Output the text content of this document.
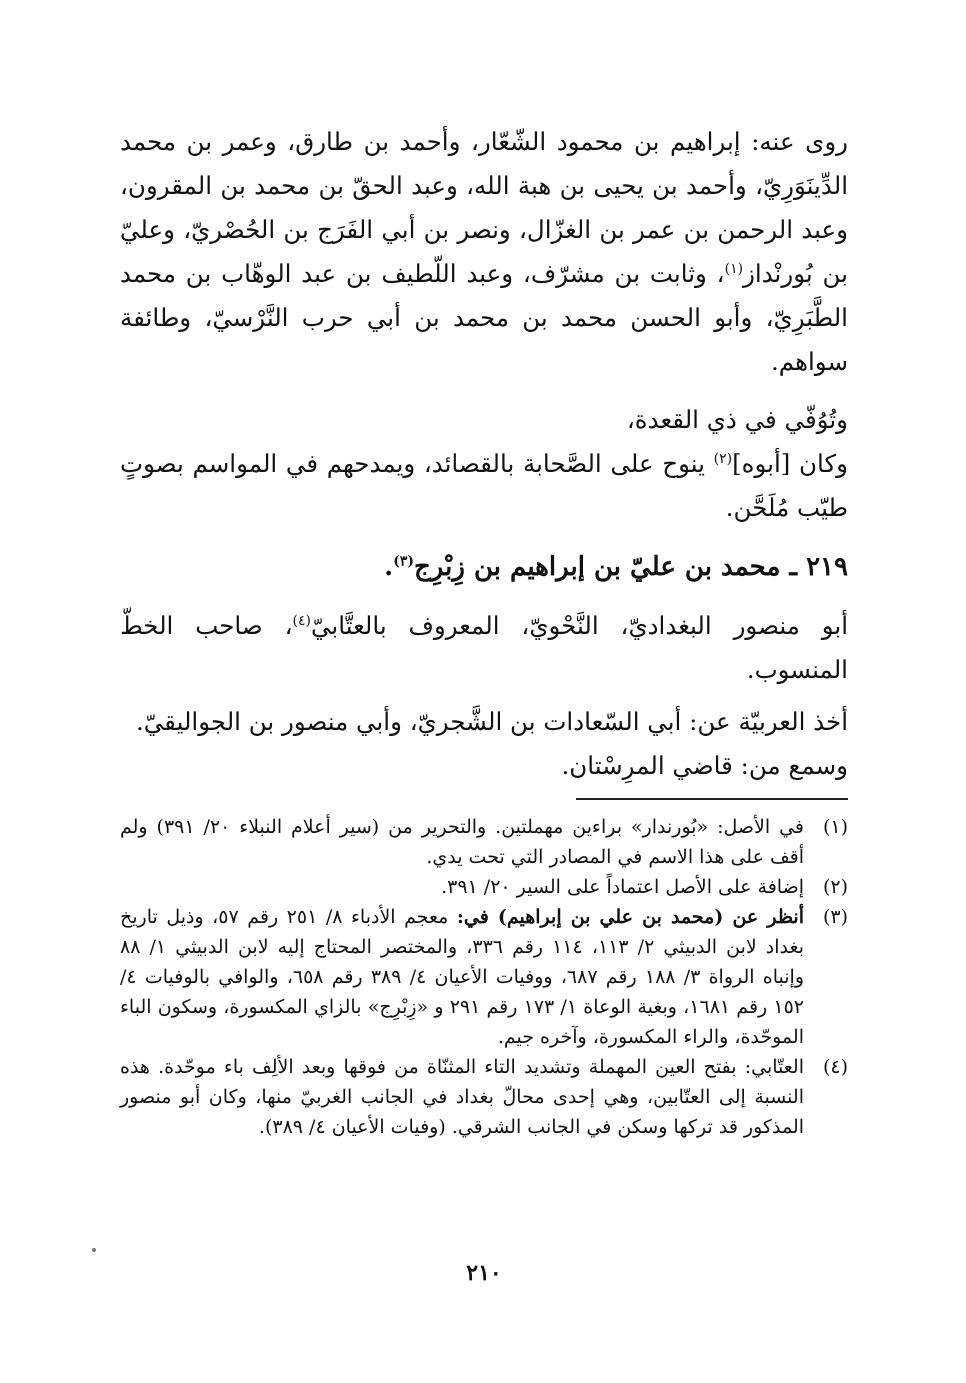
روى عنه: إبراهيم بن محمود الشّعّار، وأحمد بن طارق، وعمر بن محمد الدِّينَوَرِيّ، وأحمد بن يحيى بن هبة الله، وعبد الحقّ بن محمد بن المقرون، وعبد الرحمن بن عمر بن الغزّال، ونصر بن أبي الفَرَج بن الحُصْريّ، وعليّ بن بُورنْداز$^{(١)}$، وثابت بن مشرّف، وعبد اللّطيف بن عبد الوهّاب بن محمد الطَّبَرِيّ، وأبو الحسن محمد بن محمد بن أبي حرب النَّرْسيّ، وطائفة سواهم.

وتُوُفّي في ذي القعدة،

وكان [أبوه]$^{(٢)}$ ينوح على الصَّحابة بالقصائد، ويمدحهم في المواسم بصوتٍ طيّب مُلَحَّن.

٢١٩ ـ محمد بن عليّ بن إبراهيم بن زِبْرِج$^{(٣)}$.

أبو منصور البغداديّ، النَّحْويّ، المعروف بالعتَّابيّ$^{(٤)}$، صاحب الخطّ المنسوب.

أخذ العربيّة عن: أبي السّعادات بن الشَّجريّ، وأبي منصور بن الجواليقيّ.

وسمع من: قاضي المرِسْتان.

(١)
في الأصل: «بُورندار» براءين مهملتين. والتحرير من (سير أعلام النبلاء ٢٠/ ٣٩١) ولم أقف على هذا الاسم في المصادر التي تحت يدي.
(٢)
إضافة على الأصل اعتماداً على السير ٢٠/ ٣٩١.
(٣)
أنظر عن (محمد بن علي بن إبراهيم) في: معجم الأدباء ٨/ ٢٥١ رقم ٥٧، وذيل تاريخ بغداد لابن الدبيثي ٢/ ١١٣، ١١٤ رقم ٣٣٦، والمختصر المحتاج إليه لابن الدبيثي ١/ ٨٨ وإنباه الرواة ٣/ ١٨٨ رقم ٦٨٧، ووفيات الأعيان ٤/ ٣٨٩ رقم ٦٥٨، والوافي بالوفيات ٤/ ١٥٢ رقم ١٦٨١، وبغية الوعاة ١/ ١٧٣ رقم ٢٩١ و «زِبْرِج» بالزاي المكسورة، وسكون الباء الموحّدة، والراء المكسورة، وآخره جيم.
(٤)
العتّابي: بفتح العين المهملة وتشديد التاء المثنّاة من فوقها وبعد الألِف باء موحّدة. هذه النسبة إلى العتّابين، وهي إحدى محالّ بغداد في الجانب الغربيّ منها، وكان أبو منصور المذكور قد تركها وسكن في الجانب الشرقي. (وفيات الأعيان ٤/ ٣٨٩).
٢١٠
